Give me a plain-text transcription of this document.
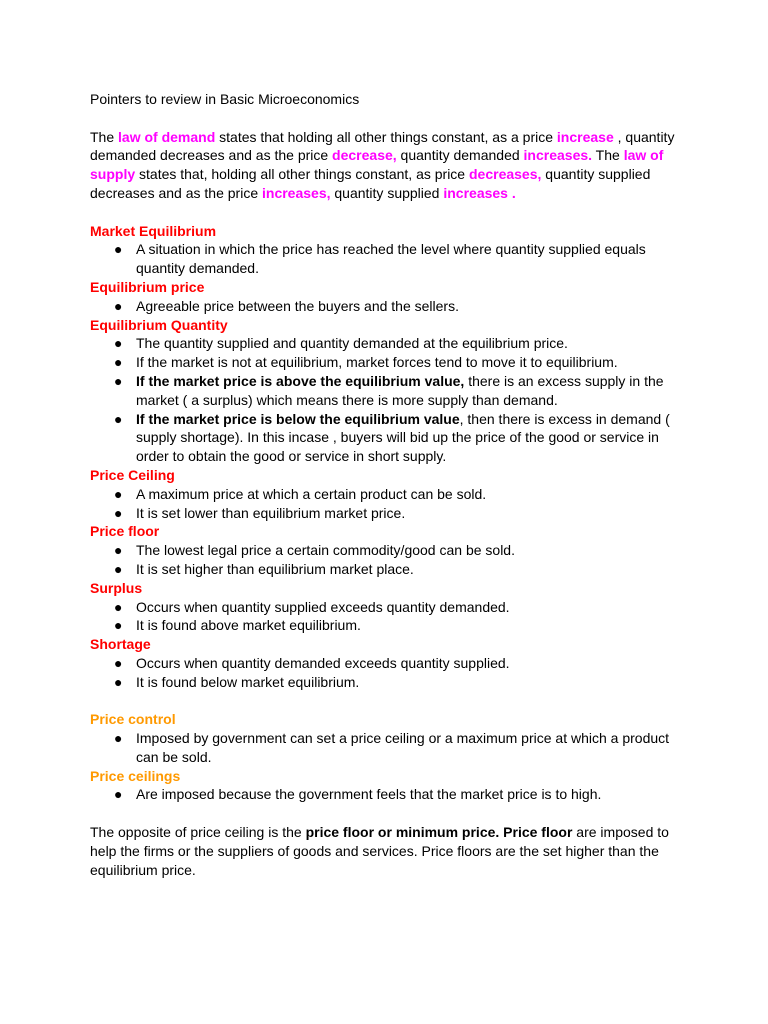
Pointers to review in Basic Microeconomics

The law of demand states that holding all other things constant, as a price increase , quantity demanded decreases and as the price decrease, quantity demanded increases. The law of supply states that, holding all other things constant, as price decreases, quantity supplied decreases and as the price increases, quantity supplied increases .

Market Equilibrium

● A situation in which the price has reached the level where quantity supplied equals quantity demanded.

Equilibrium price

● Agreeable price between the buyers and the sellers.

Equilibrium Quantity

● The quantity supplied and quantity demanded at the equilibrium price.
● If the market is not at equilibrium, market forces tend to move it to equilibrium.
● If the market price is above the equilibrium value, there is an excess supply in the market ( a surplus) which means there is more supply than demand.
● If the market price is below the equilibrium value, then there is excess in demand ( supply shortage). In this incase , buyers will bid up the price of the good or service in order to obtain the good or service in short supply.

Price Ceiling

● A maximum price at which a certain product can be sold.
● It is set lower than equilibrium market price.

Price floor

● The lowest legal price a certain commodity/good can be sold.
● It is set higher than equilibrium market place.

Surplus

● Occurs when quantity supplied exceeds quantity demanded.
● It is found above market equilibrium.

Shortage

● Occurs when quantity demanded exceeds quantity supplied.
● It is found below market equilibrium.

Price control

● Imposed by government can set a price ceiling or a maximum price at which a product can be sold.

Price ceilings

● Are imposed because the government feels that the market price is to high.

The opposite of price ceiling is the price floor or minimum price. Price floor are imposed to help the firms or the suppliers of goods and services. Price floors are the set higher than the equilibrium price.
